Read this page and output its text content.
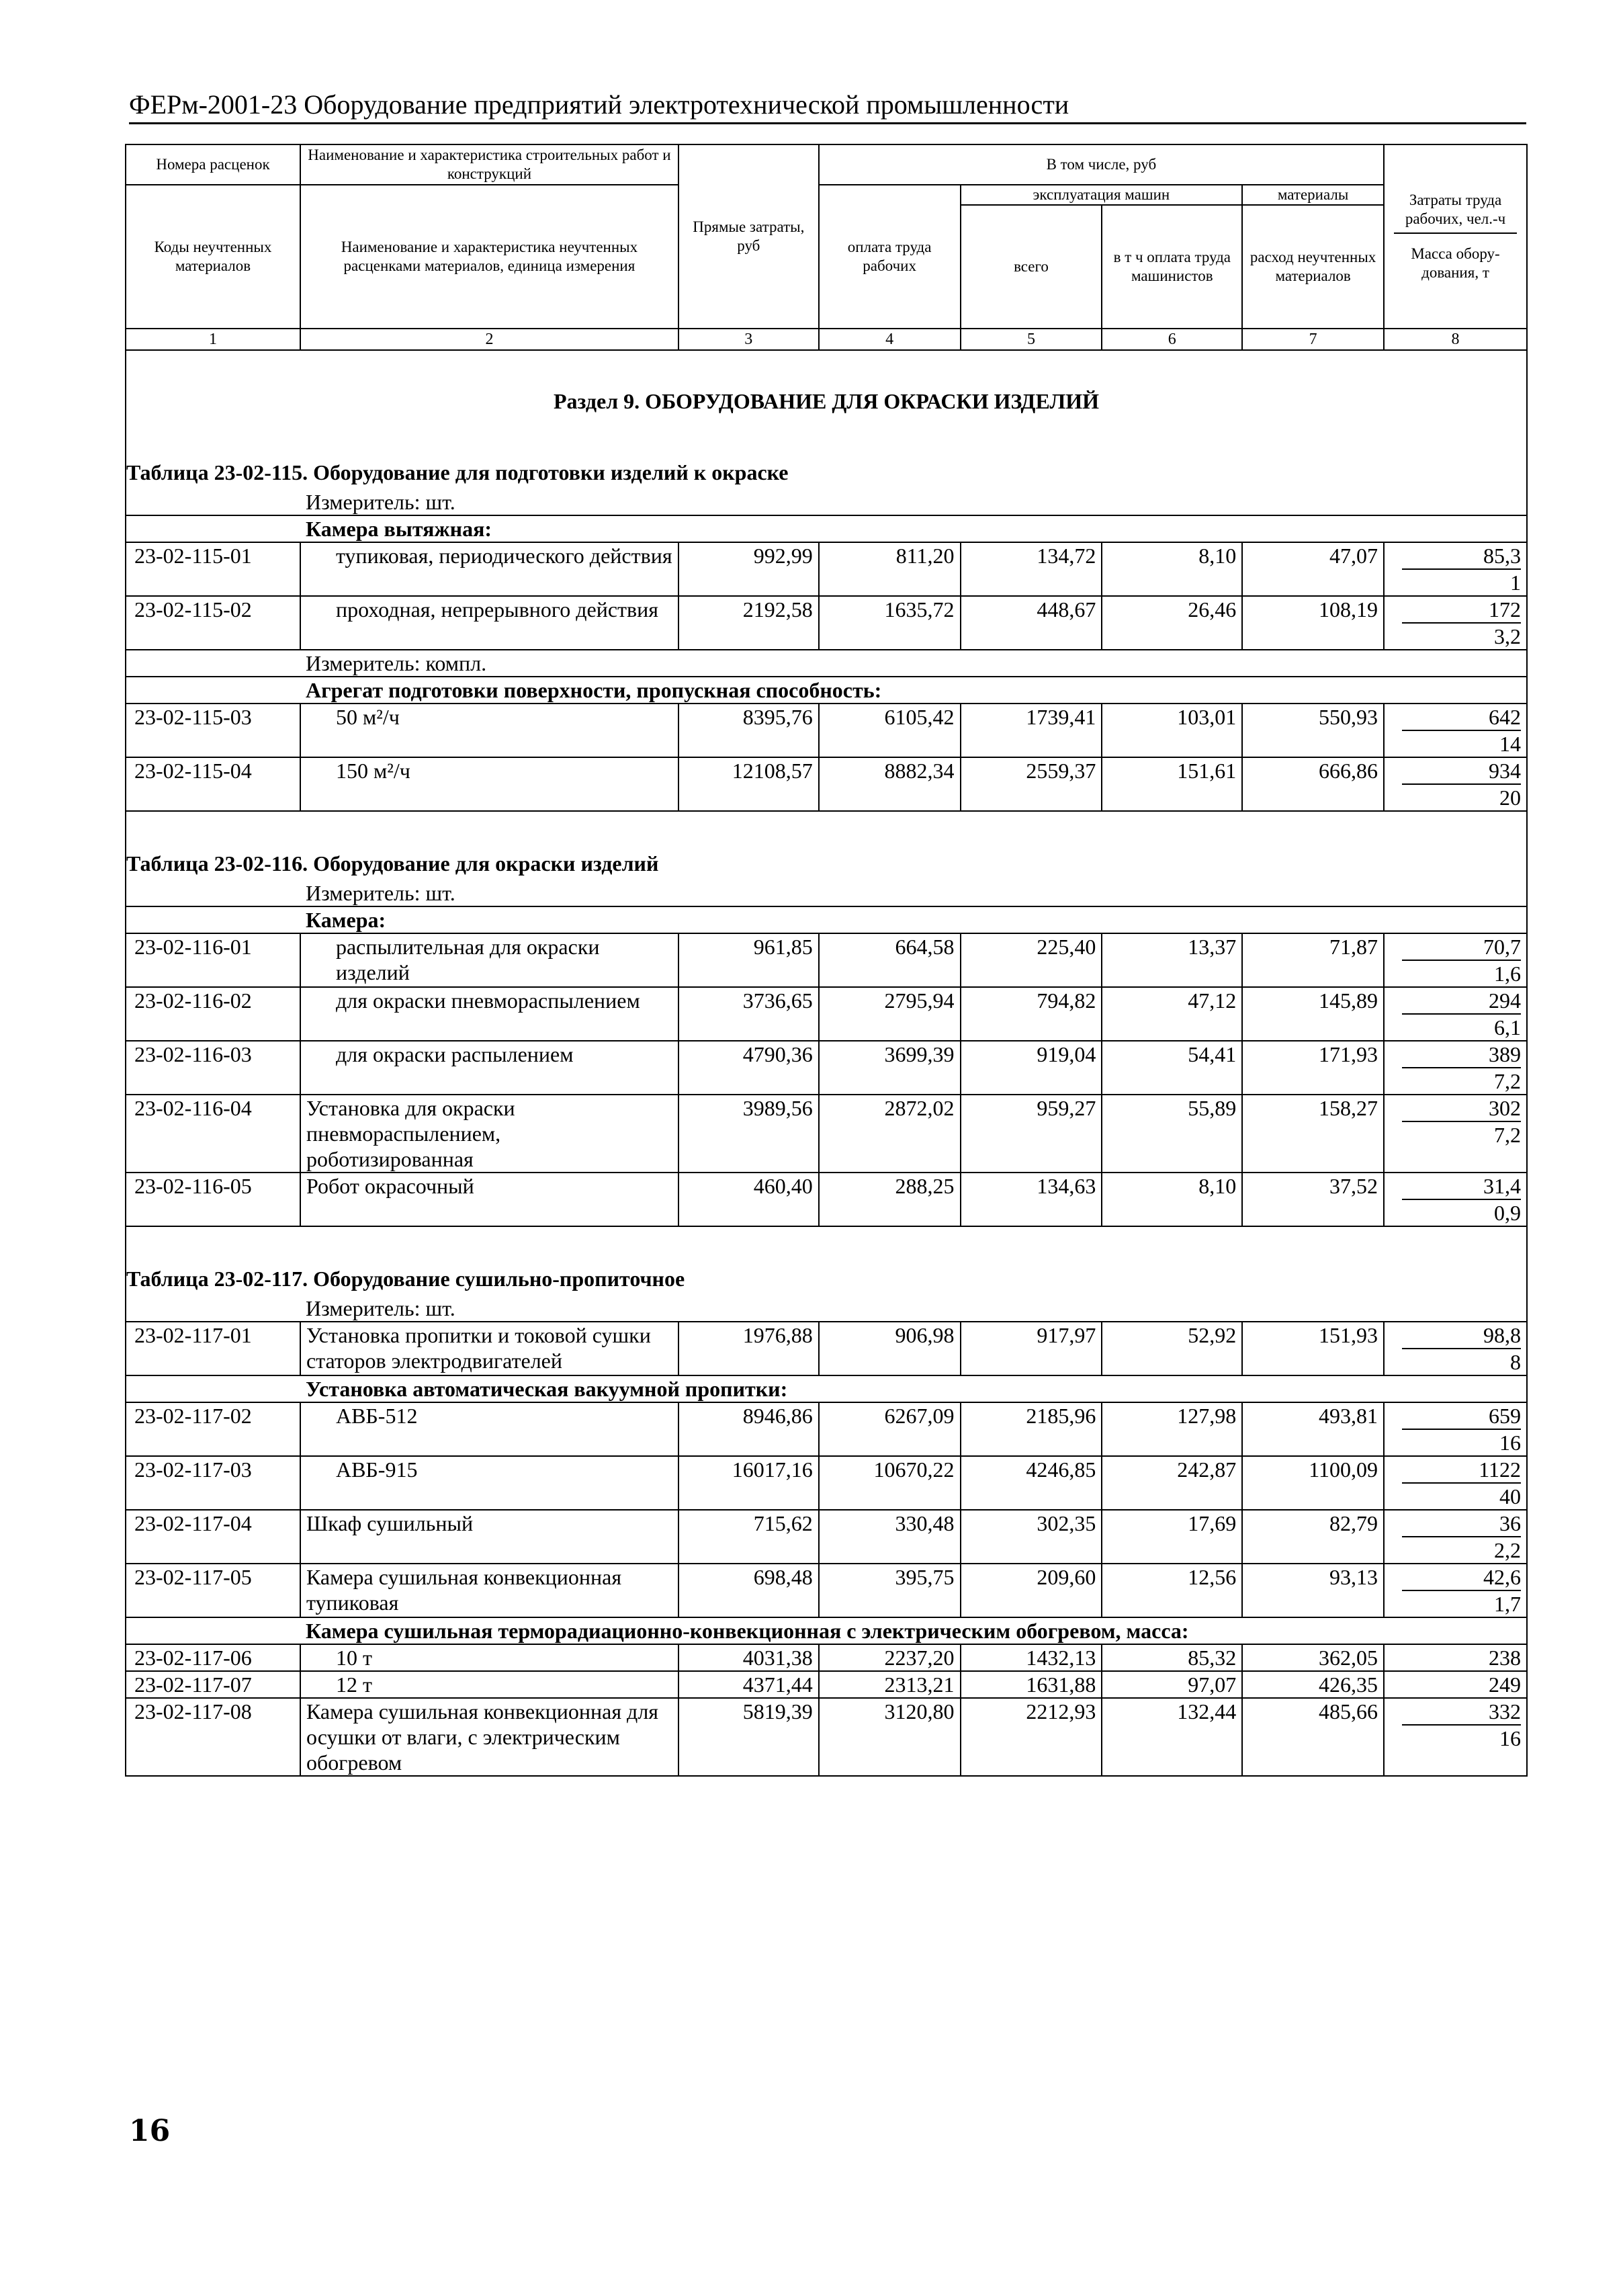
ФЕРм-2001-23 Оборудование предприятий электротехнической промышленности
Номера расценок	Наименование и характеристика строительных работ и конструкций	Прямые затраты, руб	В том числе, руб				Затраты труда рабочих, чел.-ч
Масса обору-дования, т

Коды неучтенных материалов	Наименование и характеристика неучтенных расценками материалов, единица измерения		оплата труда рабочих	эксплуатация машин		материалы	
				всего	в т ч оплата труда машинистов	расход неучтенных материалов	
1	2	3	4	5	6	7	8
Раздел 9. ОБОРУДОВАНИЕ ДЛЯ ОКРАСКИ ИЗДЕЛИЙ							
Таблица 23-02-115. Оборудование для подготовки изделий к окраске							
	Измеритель: шт.						
	Камера вытяжная:						
23-02-115-01	тупиковая, периодического действия	992,99	811,20	134,72	8,10	47,07	85,3
1

23-02-115-02	проходная, непрерывного действия	2192,58	1635,72	448,67	26,46	108,19	172
3,2

	Измеритель: компл.						
	Агрегат подготовки поверхности, пропускная способность:						
23-02-115-03	50 м²/ч	8395,76	6105,42	1739,41	103,01	550,93	642
14

23-02-115-04	150 м²/ч	12108,57	8882,34	2559,37	151,61	666,86	934
20

Таблица 23-02-116. Оборудование для окраски изделий							
	Измеритель: шт.						
	Камера:						
23-02-116-01	распылительная для окраски изделий	961,85	664,58	225,40	13,37	71,87	70,7
1,6

23-02-116-02	для окраски пневмораспылением	3736,65	2795,94	794,82	47,12	145,89	294
6,1

23-02-116-03	для окраски распылением	4790,36	3699,39	919,04	54,41	171,93	389
7,2

23-02-116-04	Установка для окраски пневмораспылением, роботизированная	3989,56	2872,02	959,27	55,89	158,27	302
7,2

23-02-116-05	Робот окрасочный	460,40	288,25	134,63	8,10	37,52	31,4
0,9

Таблица 23-02-117. Оборудование сушильно-пропиточное							
	Измеритель: шт.						
23-02-117-01	Установка пропитки и токовой сушки статоров электродвигателей	1976,88	906,98	917,97	52,92	151,93	98,8
8

	Установка автоматическая вакуумной пропитки:						
23-02-117-02	АВБ-512	8946,86	6267,09	2185,96	127,98	493,81	659
16

23-02-117-03	АВБ-915	16017,16	10670,22	4246,85	242,87	1100,09	1122
40

23-02-117-04	Шкаф сушильный	715,62	330,48	302,35	17,69	82,79	36
2,2

23-02-117-05	Камера сушильная конвекционная тупиковая	698,48	395,75	209,60	12,56	93,13	42,6
1,7

	Камера сушильная терморадиационно-конвекционная с электрическим обогревом, масса:						
23-02-117-06	10 т	4031,38	2237,20	1432,13	85,32	362,05	238

23-02-117-07	12 т	4371,44	2313,21	1631,88	97,07	426,35	249

23-02-117-08	Камера сушильная конвекционная для осушки от влаги, с электрическим обогревом	5819,39	3120,80	2212,93	132,44	485,66	332
16
16
